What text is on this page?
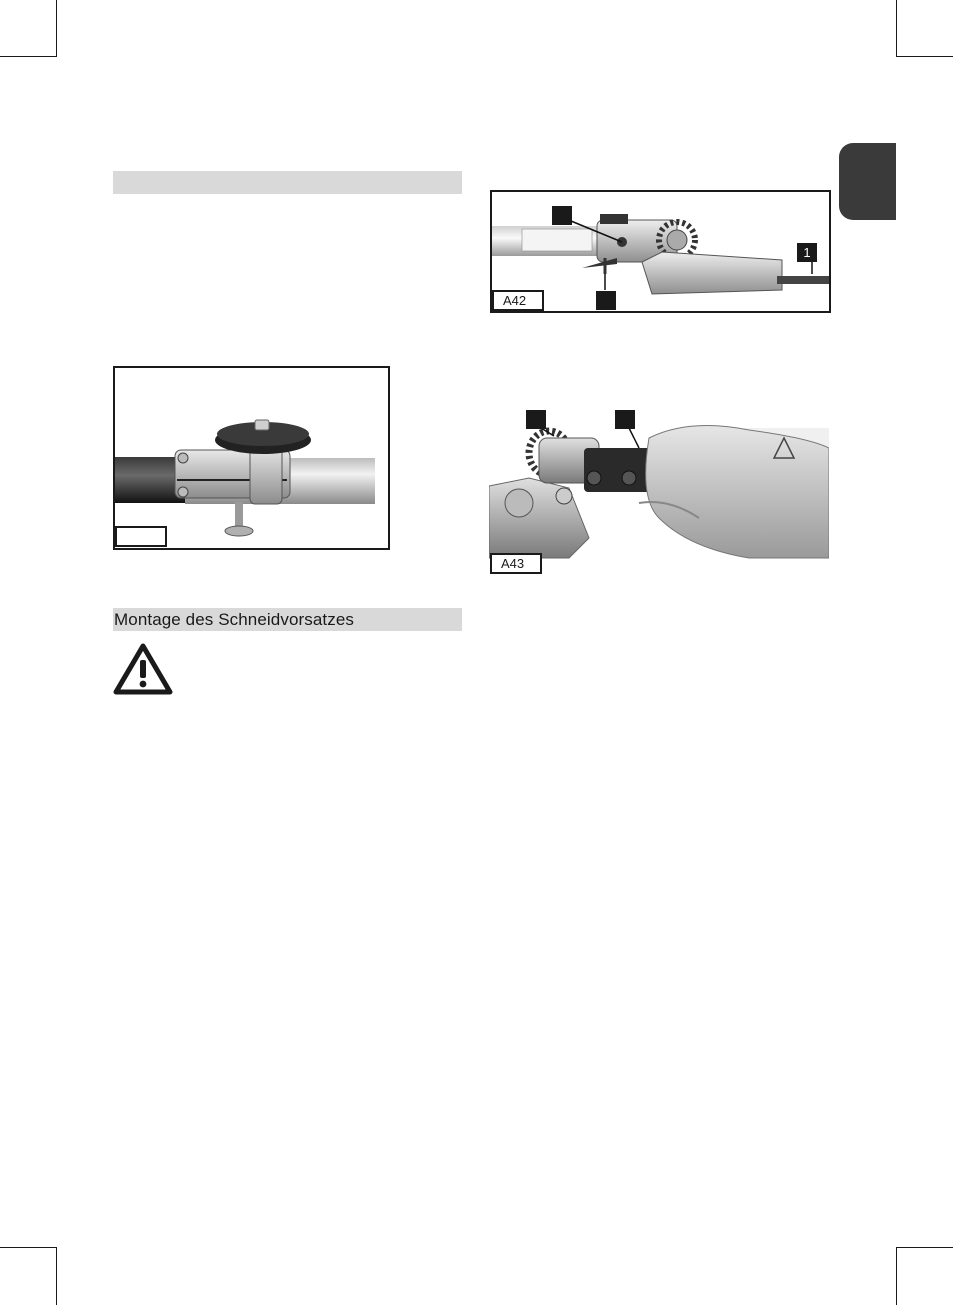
1
A42
A43
Montage des Schneidvorsatzes
